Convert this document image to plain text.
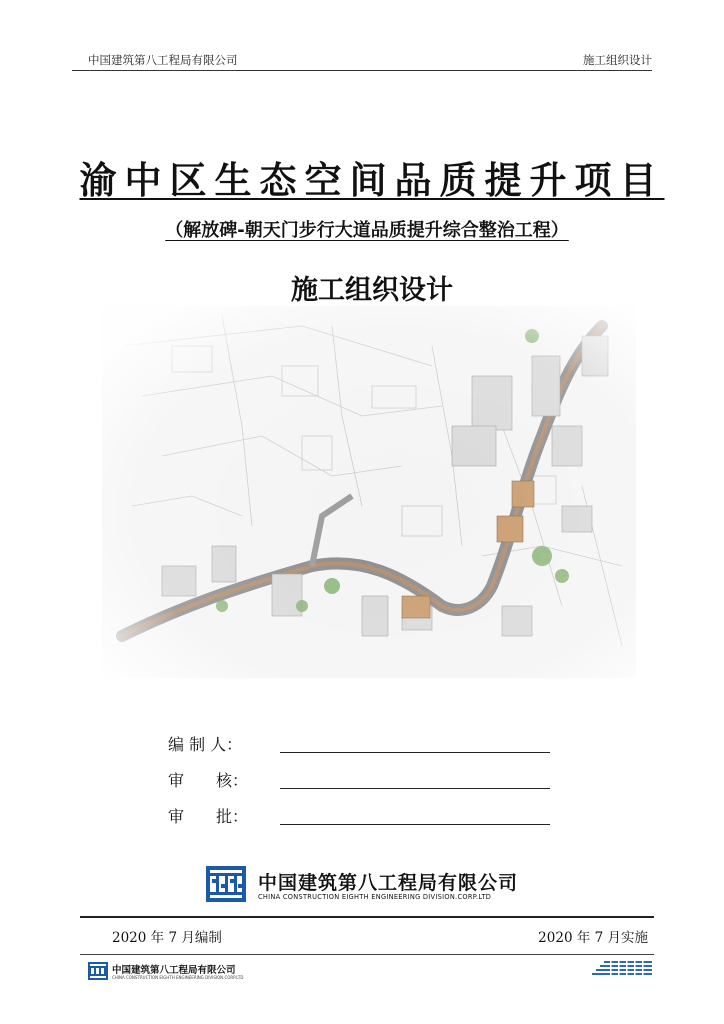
中国建筑第八工程局有限公司	施工组织设计
渝中区生态空间品质提升项目
（解放碑-朝天门步行大道品质提升综合整治工程）
施工组织设计
编 制 人：
审　　核：
审　　批：
中国建筑第八工程局有限公司
CHINA CONSTRUCTION EIGHTH ENGINEERING DIVISION.CORP.LTD
2020 年 7 月编制	2020 年 7 月实施
中国建筑第八工程局有限公司
CHINA CONSTRUCTION EIGHTH ENGINEERING DIVISION.CORP.LTD
